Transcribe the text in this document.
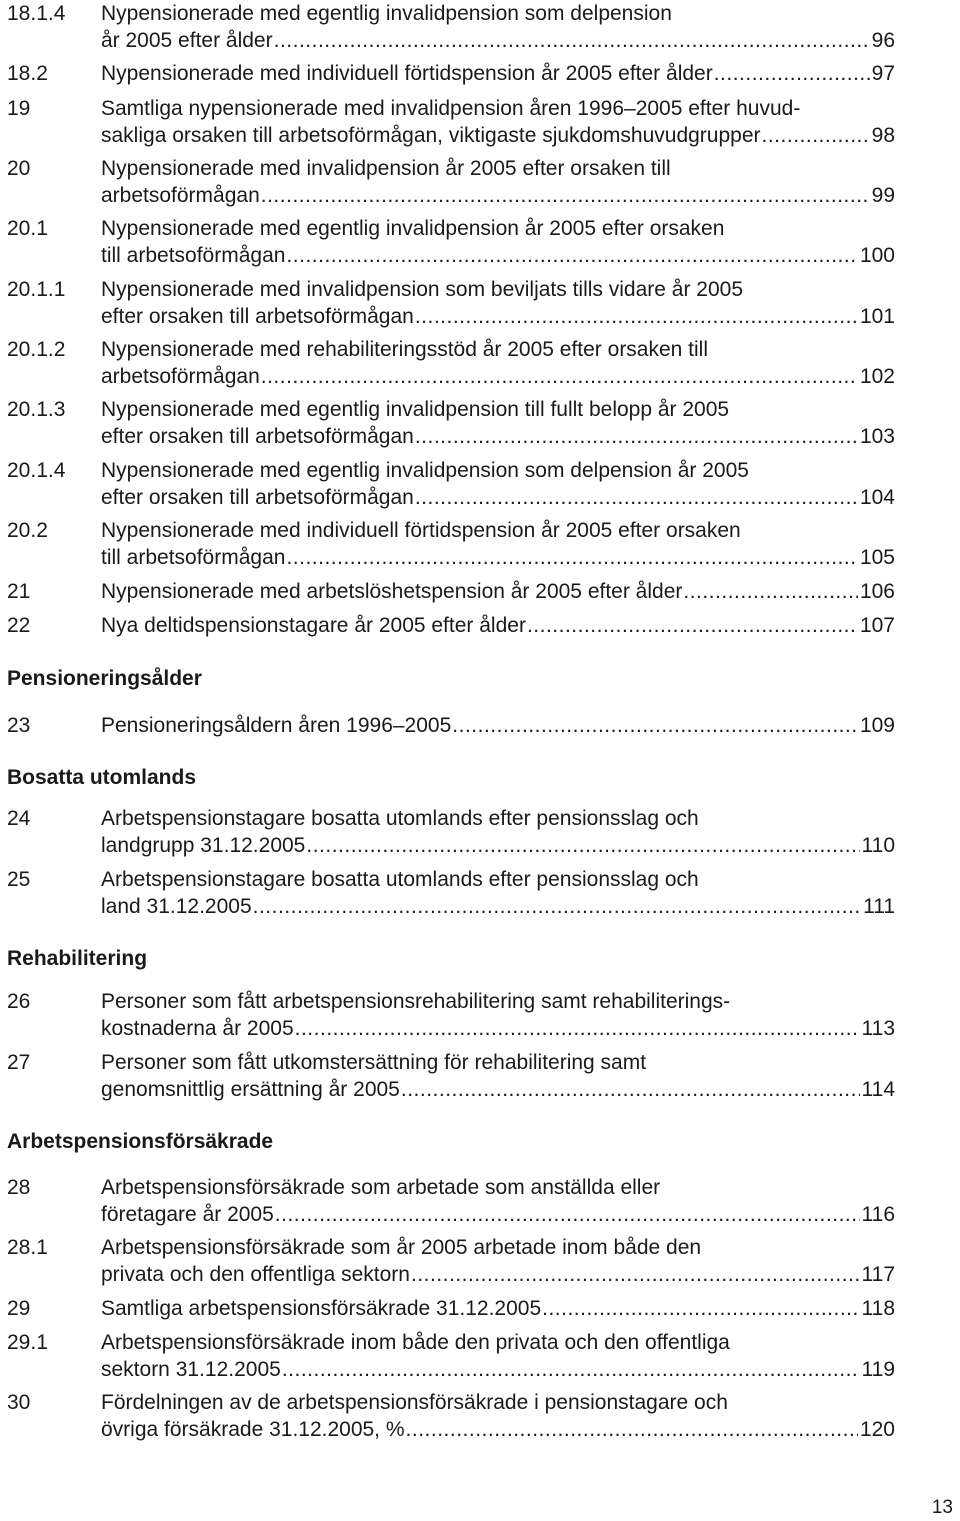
18.1.4 Nypensionerade med egentlig invalidpension som delpension
år 2005 efter ålder .....	96
18.2	Nypensionerade med individuell förtidspension år 2005 efter ålder .....	97
19	Samtliga nypensionerade med invalidpension åren 1996–2005 efter huvud-
sakliga orsaken till arbetsoförmågan, viktigaste sjukdomshuvudgrupper .....	98
20	Nypensionerade med invalidpension år 2005 efter orsaken till
arbetsoförmågan .....	99
20.1	Nypensionerade med egentlig invalidpension år 2005 efter orsaken
till arbetsoförmågan .....	100
20.1.1 Nypensionerade med invalidpension som beviljats tills vidare år 2005
efter orsaken till arbetsoförmågan .....	101
20.1.2 Nypensionerade med rehabiliteringsstöd år 2005 efter orsaken till
arbetsoförmågan .....	102
20.1.3 Nypensionerade med egentlig invalidpension till fullt belopp år 2005
efter orsaken till arbetsoförmågan .....	103
20.1.4 Nypensionerade med egentlig invalidpension som delpension år 2005
efter orsaken till arbetsoförmågan .....	104
20.2	Nypensionerade med individuell förtidspension år 2005 efter orsaken
till arbetsoförmågan .....	105
21	Nypensionerade med arbetslöshetspension år 2005 efter ålder .....	106
22	Nya deltidspensionstagare år 2005 efter ålder .....	107
Pensioneringsålder
23	Pensioneringsåldern åren 1996–2005 .....	109
Bosatta utomlands
24	Arbetspensionstagare bosatta utomlands efter pensionsslag och
landgrupp 31.12.2005 .....	110
25	Arbetspensionstagare bosatta utomlands efter pensionsslag och
land 31.12.2005 .....	111
Rehabilitering
26	Personer som fått arbetspensionsrehabilitering samt rehabiliterings-
kostnaderna år 2005 .....	113
27	Personer som fått utkomstersättning för rehabilitering samt
genomsnittlig ersättning år 2005 .....	114
Arbetspensionsförsäkrade
28	Arbetspensionsförsäkrade som arbetade som anställda eller
företagare år 2005 .....	116
28.1	Arbetspensionsförsäkrade som år 2005 arbetade inom både den
privata och den offentliga sektorn .....	117
29	Samtliga arbetspensionsförsäkrade 31.12.2005 .....	118
29.1	Arbetspensionsförsäkrade inom både den privata och den offentliga
sektorn 31.12.2005 .....	119
30	Fördelningen av de arbetspensionsförsäkrade i pensionstagare och
övriga försäkrade 31.12.2005, % .....	120
13
